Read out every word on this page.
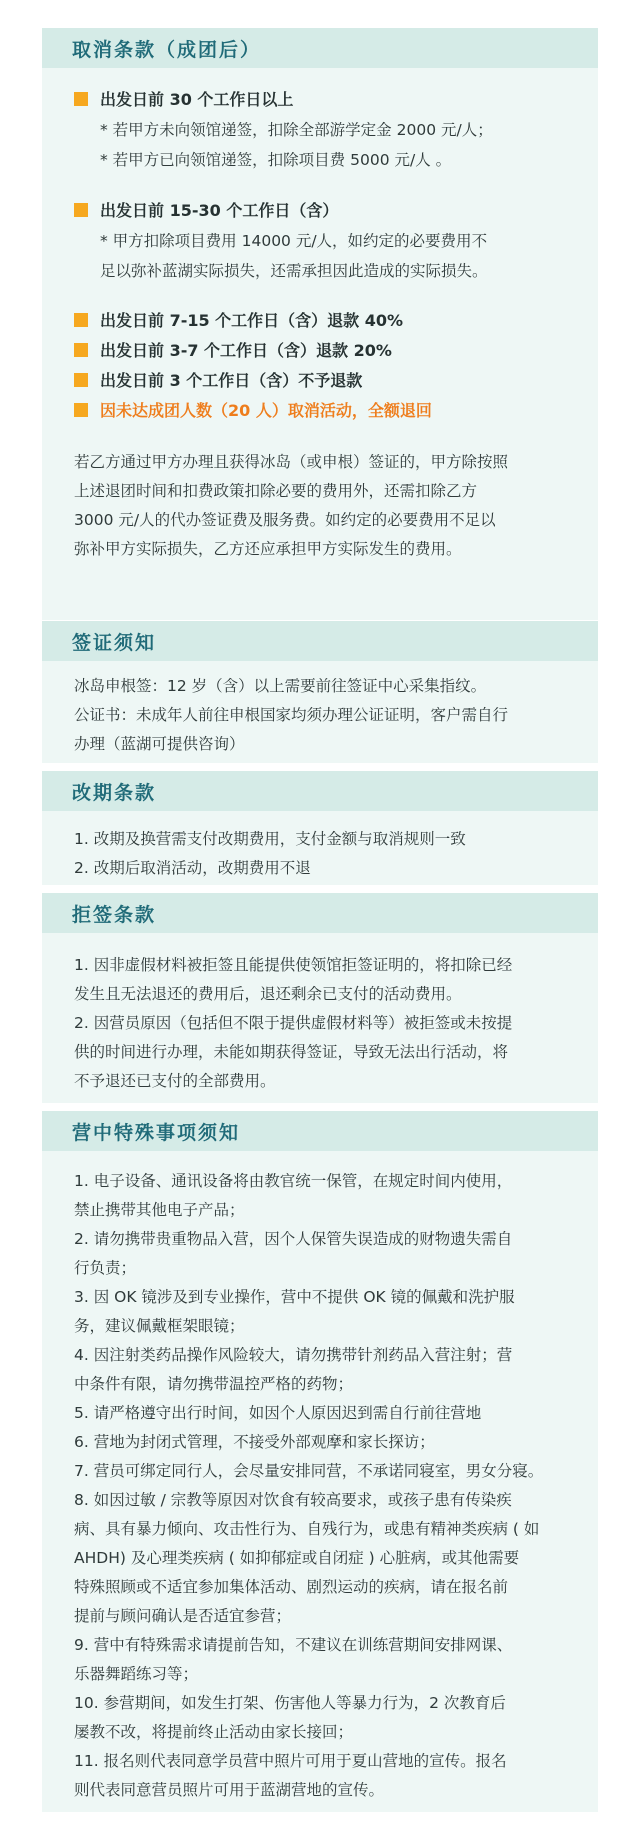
取消条款（成团后）
出发日前 30 个工作日以上
* 若甲方未向领馆递签，扣除全部游学定金 2000 元/人；
* 若甲方已向领馆递签，扣除项目费 5000 元/人 。
出发日前 15-30 个工作日（含）
* 甲方扣除项目费用 14000 元/人，如约定的必要费用不
足以弥补蓝湖实际损失，还需承担因此造成的实际损失。
出发日前 7-15 个工作日（含）退款 40%
出发日前 3-7 个工作日（含）退款 20%
出发日前 3 个工作日（含）不予退款
因未达成团人数（20 人）取消活动，全额退回
若乙方通过甲方办理且获得冰岛（或申根）签证的，甲方除按照
上述退团时间和扣费政策扣除必要的费用外，还需扣除乙方
3000 元/人的代办签证费及服务费。如约定的必要费用不足以
弥补甲方实际损失，乙方还应承担甲方实际发生的费用。
签证须知
冰岛申根签：12 岁（含）以上需要前往签证中心采集指纹。
公证书：未成年人前往申根国家均须办理公证证明，客户需自行
办理（蓝湖可提供咨询）
改期条款
1. 改期及换营需支付改期费用，支付金额与取消规则一致
2. 改期后取消活动，改期费用不退
拒签条款
1. 因非虚假材料被拒签且能提供使领馆拒签证明的，将扣除已经
发生且无法退还的费用后，退还剩余已支付的活动费用。
2. 因营员原因（包括但不限于提供虚假材料等）被拒签或未按提
供的时间进行办理，未能如期获得签证，导致无法出行活动，将
不予退还已支付的全部费用。
营中特殊事项须知
1. 电子设备、通讯设备将由教官统一保管，在规定时间内使用，
禁止携带其他电子产品；
2. 请勿携带贵重物品入营，因个人保管失误造成的财物遗失需自
行负责；
3. 因 OK 镜涉及到专业操作，营中不提供 OK 镜的佩戴和洗护服
务，建议佩戴框架眼镜；
4. 因注射类药品操作风险较大，请勿携带针剂药品入营注射；营
中条件有限，请勿携带温控严格的药物；
5. 请严格遵守出行时间，如因个人原因迟到需自行前往营地
6. 营地为封闭式管理，不接受外部观摩和家长探访；
7. 营员可绑定同行人，会尽量安排同营，不承诺同寝室，男女分寝。
8. 如因过敏 / 宗教等原因对饮食有较高要求，或孩子患有传染疾
病、具有暴力倾向、攻击性行为、自残行为，或患有精神类疾病 ( 如
AHDH) 及心理类疾病 ( 如抑郁症或自闭症 ) 心脏病，或其他需要
特殊照顾或不适宜参加集体活动、剧烈运动的疾病，请在报名前
提前与顾问确认是否适宜参营；
9. 营中有特殊需求请提前告知，不建议在训练营期间安排网课、
乐器舞蹈练习等；
10. 参营期间，如发生打架、伤害他人等暴力行为，2 次教育后
屡教不改，将提前终止活动由家长接回；
11. 报名则代表同意学员营中照片可用于夏山营地的宣传。报名
则代表同意营员照片可用于蓝湖营地的宣传。
